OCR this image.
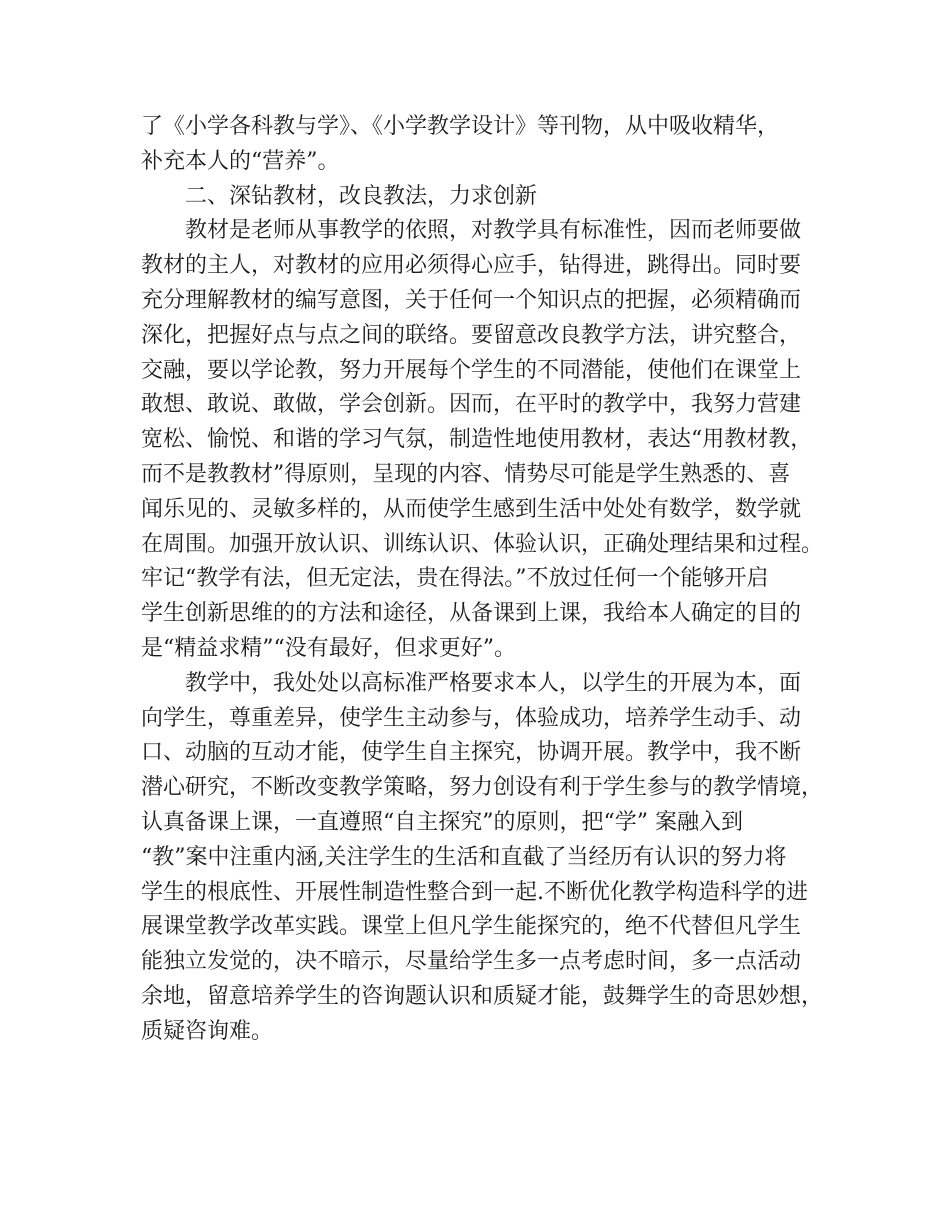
了《小学各科教与学》、《小学教学设计》等刊物，从中吸收精华，
补充本人的“营养”。
二、深钻教材，改良教法，力求创新
教材是老师从事教学的依照，对教学具有标准性，因而老师要做
教材的主人，对教材的应用必须得心应手，钻得进，跳得出。同时要
充分理解教材的编写意图，关于任何一个知识点的把握，必须精确而
深化，把握好点与点之间的联络。要留意改良教学方法，讲究整合，
交融，要以学论教，努力开展每个学生的不同潜能，使他们在课堂上
敢想、敢说、敢做，学会创新。因而，在平时的教学中，我努力营建
宽松、愉悦、和谐的学习气氛，制造性地使用教材，表达“用教材教，
而不是教教材”得原则，呈现的内容、情势尽可能是学生熟悉的、喜
闻乐见的、灵敏多样的，从而使学生感到生活中处处有数学，数学就
在周围。加强开放认识、训练认识、体验认识，正确处理结果和过程。
牢记“教学有法，但无定法，贵在得法。”不放过任何一个能够开启
学生创新思维的的方法和途径，从备课到上课，我给本人确定的目的
是“精益求精”“没有最好，但求更好”。
教学中，我处处以高标准严格要求本人，以学生的开展为本，面
向学生，尊重差异，使学生主动参与，体验成功，培养学生动手、动
口、动脑的互动才能，使学生自主探究，协调开展。教学中，我不断
潜心研究，不断改变教学策略，努力创设有利于学生参与的教学情境，
认真备课上课，一直遵照“自主探究”的原则，把“学” 案融入到
“教”案中注重内涵,关注学生的生活和直截了当经历有认识的努力将
学生的根底性、开展性制造性整合到一起.不断优化教学构造科学的进
展课堂教学改革实践。课堂上但凡学生能探究的，绝不代替但凡学生
能独立发觉的，决不暗示，尽量给学生多一点考虑时间，多一点活动
余地，留意培养学生的咨询题认识和质疑才能，鼓舞学生的奇思妙想，
质疑咨询难。
